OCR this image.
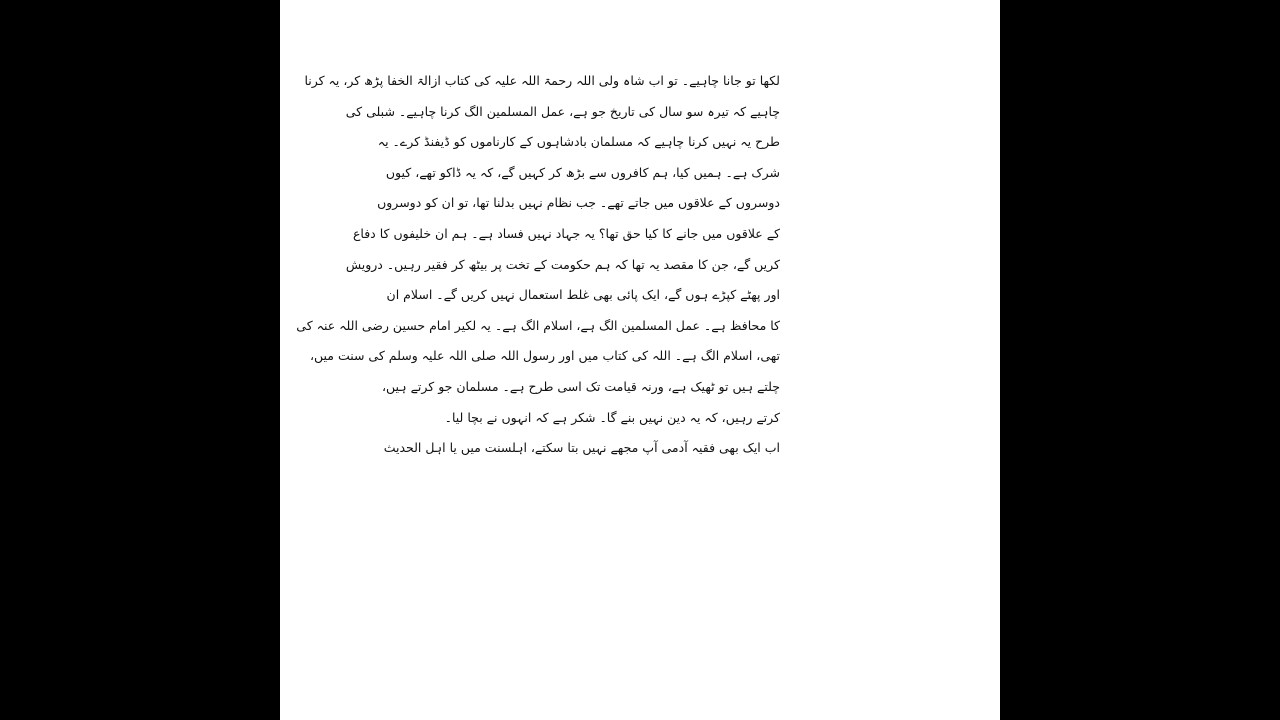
لکھا تو جانا چاہیے۔ تو اب شاہ ولی اللہ رحمۃ اللہ علیہ کی کتاب ازالۃ الخفا پڑھ کر، یہ کرنا
چاہیے کہ تیرہ سو سال کی تاریخ جو ہے، عمل المسلمین الگ کرنا چاہیے۔ شبلی کی
طرح یہ نہیں کرنا چاہیے کہ مسلمان بادشاہوں کے کارناموں کو ڈیفنڈ کرے۔ یہ
شرک ہے۔ ہمیں کیا، ہم کافروں سے بڑھ کر کہیں گے، کہ یہ ڈاکو تھے، کیوں
دوسروں کے علاقوں میں جاتے تھے۔ جب نظام نہیں بدلنا تھا، تو ان کو دوسروں
کے علاقوں میں جانے کا کیا حق تھا؟ یہ جہاد نہیں فساد ہے۔ ہم ان خلیفوں کا دفاع
کریں گے، جن کا مقصد یہ تھا کہ ہم حکومت کے تخت پر بیٹھ کر فقیر رہیں۔ درویش
اور پھٹے کپڑے ہوں گے، ایک پائی بھی غلط استعمال نہیں کریں گے۔ اسلام ان
کا محافظ ہے۔ عمل المسلمین الگ ہے، اسلام الگ ہے۔ یہ لکیر امام حسین رضی اللہ عنہ کی
تھی، اسلام الگ ہے۔ اللہ کی کتاب میں اور رسول اللہ صلی اللہ علیہ وسلم کی سنت میں،
چلتے ہیں تو ٹھیک ہے، ورنہ قیامت تک اسی طرح ہے۔ مسلمان جو کرتے ہیں،
کرتے رہیں، کہ یہ دین نہیں بنے گا۔ شکر ہے کہ انہوں نے بچا لیا۔
اب ایک بھی فقیہ آدمی آپ مجھے نہیں بتا سکتے، اہلسنت میں یا اہل الحدیث
